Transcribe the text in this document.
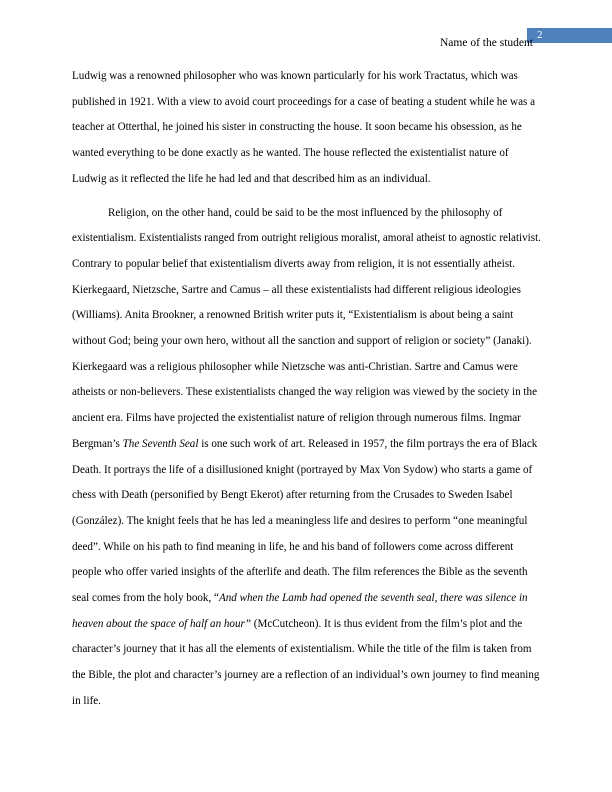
2
Name of the student

Ludwig was a renowned philosopher who was known particularly for his work Tractatus, which was
published in 1921. With a view to avoid court proceedings for a case of beating a student while he was a
teacher at Otterthal, he joined his sister in constructing the house. It soon became his obsession, as he
wanted everything to be done exactly as he wanted. The house reflected the existentialist nature of
Ludwig as it reflected the life he had led and that described him as an individual.

Religion, on the other hand, could be said to be the most influenced by the philosophy of
existentialism. Existentialists ranged from outright religious moralist, amoral atheist to agnostic relativist.
Contrary to popular belief that existentialism diverts away from religion, it is not essentially atheist.
Kierkegaard, Nietzsche, Sartre and Camus – all these existentialists had different religious ideologies
(Williams). Anita Brookner, a renowned British writer puts it, “Existentialism is about being a saint
without God; being your own hero, without all the sanction and support of religion or society” (Janaki).
Kierkegaard was a religious philosopher while Nietzsche was anti-Christian. Sartre and Camus were
atheists or non-believers. These existentialists changed the way religion was viewed by the society in the
ancient era. Films have projected the existentialist nature of religion through numerous films. Ingmar
Bergman’s The Seventh Seal is one such work of art. Released in 1957, the film portrays the era of Black
Death. It portrays the life of a disillusioned knight (portrayed by Max Von Sydow) who starts a game of
chess with Death (personified by Bengt Ekerot) after returning from the Crusades to Sweden Isabel
(González). The knight feels that he has led a meaningless life and desires to perform “one meaningful
deed”. While on his path to find meaning in life, he and his band of followers come across different
people who offer varied insights of the afterlife and death. The film references the Bible as the seventh
seal comes from the holy book, “And when the Lamb had opened the seventh seal, there was silence in
heaven about the space of half an hour” (McCutcheon). It is thus evident from the film’s plot and the
character’s journey that it has all the elements of existentialism. While the title of the film is taken from
the Bible, the plot and character’s journey are a reflection of an individual’s own journey to find meaning
in life.
